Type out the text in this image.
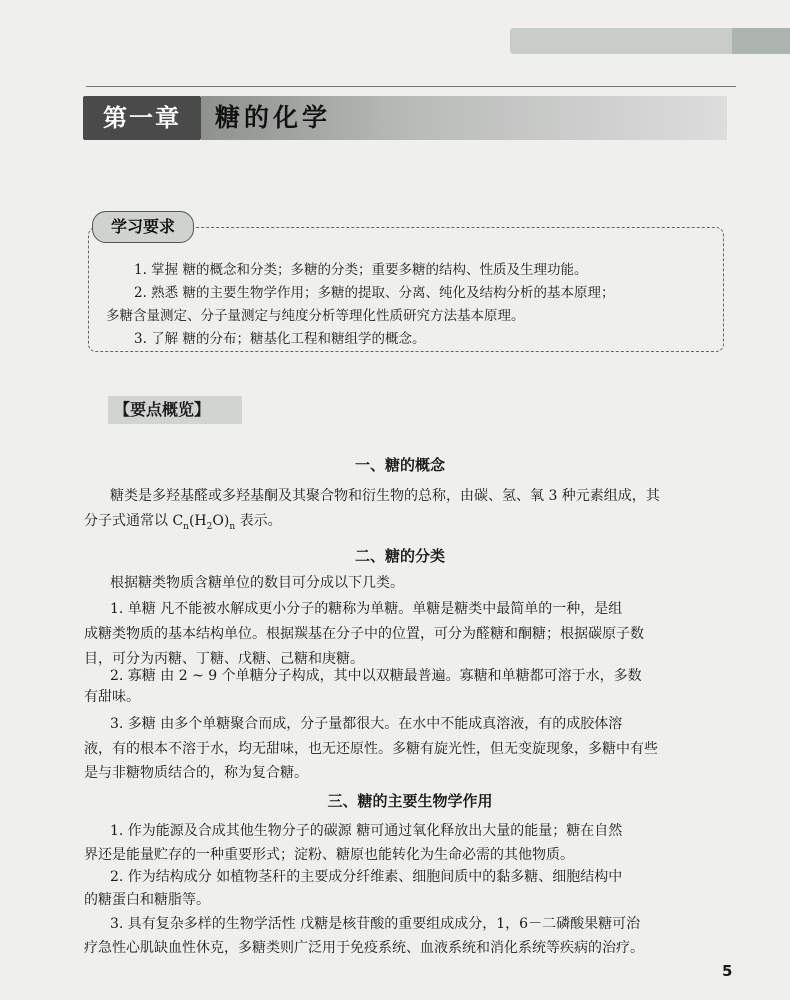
第一章	糖的化学
学习要求
1. 掌握 糖的概念和分类；多糖的分类；重要多糖的结构、性质及生理功能。
2. 熟悉 糖的主要生物学作用；多糖的提取、分离、纯化及结构分析的基本原理；
多糖含量测定、分子量测定与纯度分析等理化性质研究方法基本原理。
3. 了解 糖的分布；糖基化工程和糖组学的概念。
【要点概览】
一、糖的概念
糖类是多羟基醛或多羟基酮及其聚合物和衍生物的总称，由碳、氢、氧 3 种元素组成，其
分子式通常以 $C_n(H_2O)_n$ 表示。
二、糖的分类
根据糖类物质含糖单位的数目可分成以下几类。
1. 单糖 凡不能被水解成更小分子的糖称为单糖。单糖是糖类中最简单的一种，是组
成糖类物质的基本结构单位。根据羰基在分子中的位置，可分为醛糖和酮糖；根据碳原子数
目，可分为丙糖、丁糖、戊糖、己糖和庚糖。
2. 寡糖 由 2 ~ 9 个单糖分子构成，其中以双糖最普遍。寡糖和单糖都可溶于水，多数
有甜味。
3. 多糖 由多个单糖聚合而成，分子量都很大。在水中不能成真溶液，有的成胶体溶
液，有的根本不溶于水，均无甜味，也无还原性。多糖有旋光性，但无变旋现象，多糖中有些
是与非糖物质结合的，称为复合糖。
三、糖的主要生物学作用
1. 作为能源及合成其他生物分子的碳源 糖可通过氧化释放出大量的能量；糖在自然
界还是能量贮存的一种重要形式；淀粉、糖原也能转化为生命必需的其他物质。
2. 作为结构成分 如植物茎秆的主要成分纤维素、细胞间质中的黏多糖、细胞结构中
的糖蛋白和糖脂等。
3. 具有复杂多样的生物学活性 戊糖是核苷酸的重要组成成分，1，6－二磷酸果糖可治
疗急性心肌缺血性休克，多糖类则广泛用于免疫系统、血液系统和消化系统等疾病的治疗。
5
